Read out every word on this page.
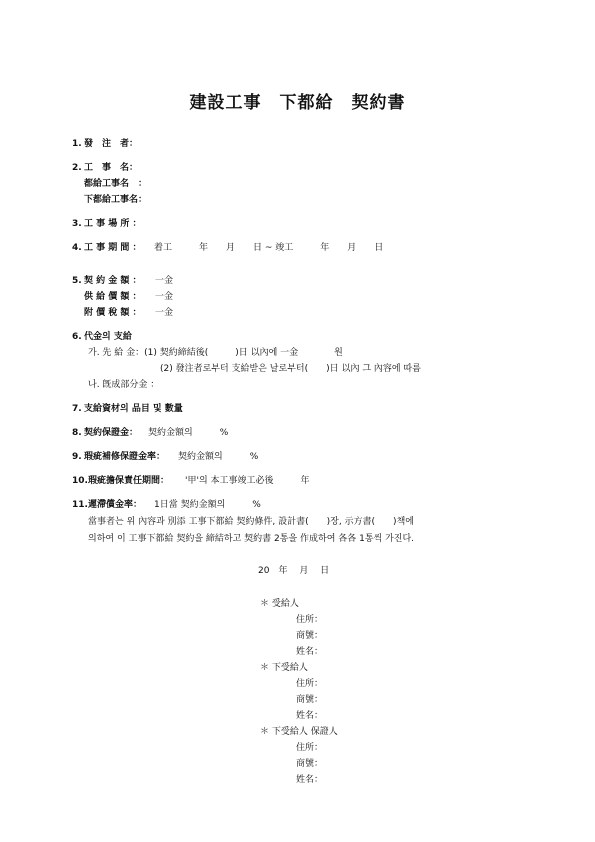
建設工事　下都給　契約書
1. 發　注　者：
2. 工　事　名：
都給工事名　：
下都給工事名：
3. 工 事 場 所 ：
4. 工 事 期 間 ： 着工　　　年　　月　　日 ~ 竣工　　　年　　月　　日
5. 契 約 金 額 ： 一金
供 給 價 額 ： 一金
附 價 稅 額 ： 一金
6. 代金의 支給
가. 先 給 金：(1) 契約締結後(　　　)日 以內에 一金　　　　원
(2) 發注者로부터 支給받은 날로부터(　　)日 以內 그 內容에 따름
나. 旣成部分金 ：
7. 支給資材의 品目 및 數量
8. 契約保證金： 契約金額의　　　%
9. 瑕疵補修保證金率： 契約金額의　　　%
10. 瑕疵擔保責任期間： '甲'의 本工事竣工必後　　　年
11. 遲滯償金率： 1日當 契約金額의　　　%
當事者는 위 內容과 別添 工事下都給 契約條件, 設計書(　　)장, 示方書(　　)책에
의하여 이 工事下都給 契約을 締結하고 契約書 2통을 作成하여 各各 1통씩 가진다.
20　年　 月　 日
＊ 受給人
住所：
商號：
姓名：
＊ 下受給人
住所：
商號：
姓名：
＊ 下受給人 保證人
住所：
商號：
姓名：
